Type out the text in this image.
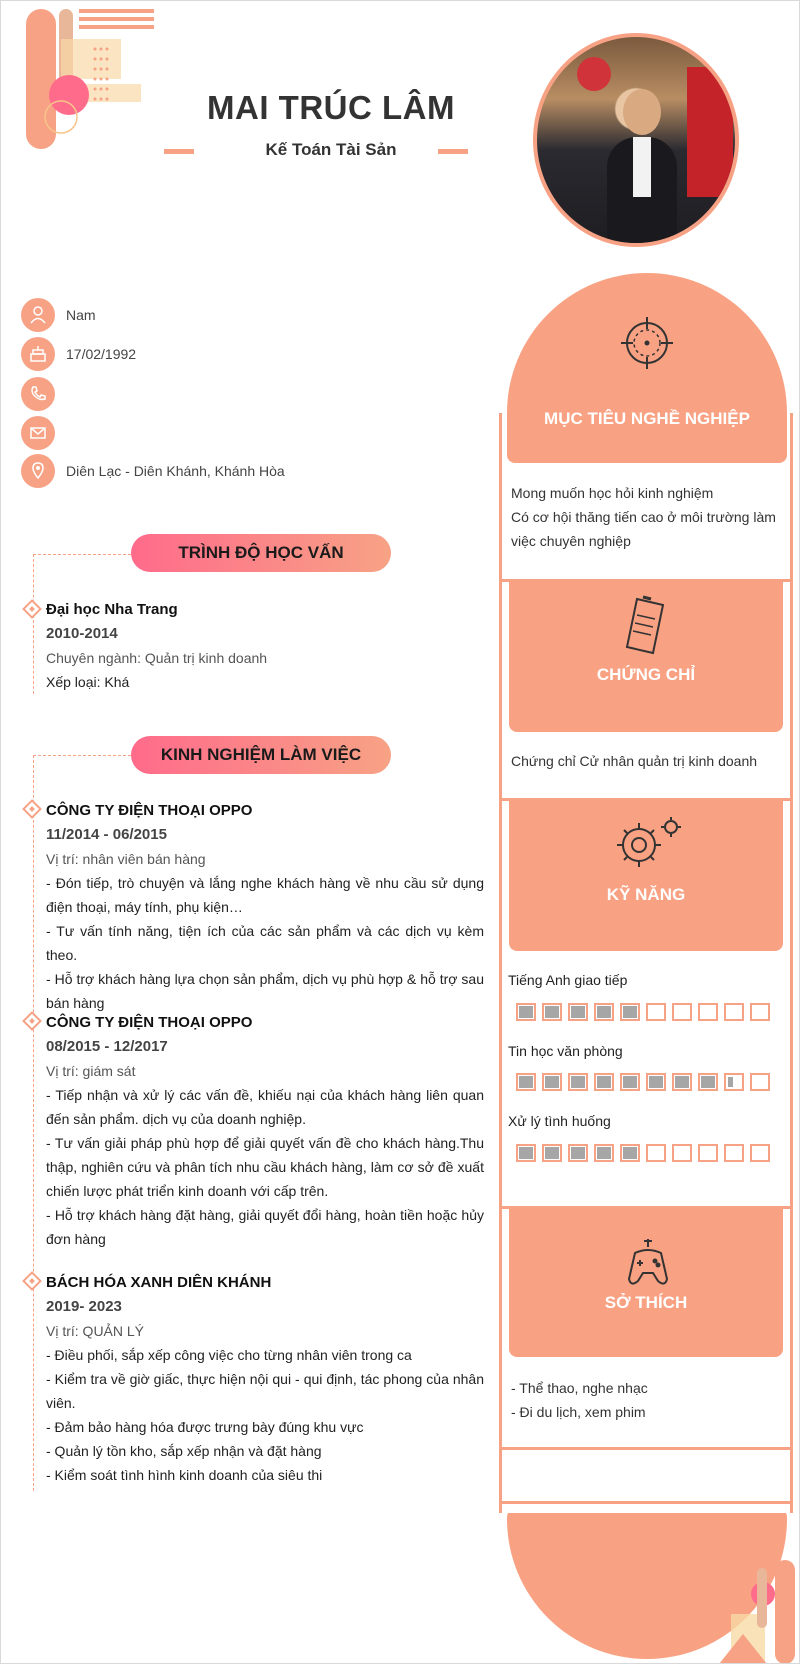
MAI TRÚC LÂM
Kế Toán Tài Sản
Nam
17/02/1992
Diên Lạc - Diên Khánh, Khánh Hòa
TRÌNH ĐỘ HỌC VẤN
Đại học Nha Trang
2010-2014
Chuyên ngành: Quản trị kinh doanh
Xếp loại: Khá
KINH NGHIỆM LÀM VIỆC
CÔNG TY ĐIỆN THOẠI OPPO
11/2014 - 06/2015
Vị trí: nhân viên bán hàng
- Đón tiếp, trò chuyện và lắng nghe khách hàng về nhu cầu sử dụng điện thoại, máy tính, phụ kiện…
- Tư vấn tính năng, tiện ích của các sản phẩm và các dịch vụ kèm theo.
- Hỗ trợ khách hàng lựa chọn sản phẩm, dịch vụ phù hợp & hỗ trợ sau bán hàng
CÔNG TY ĐIỆN THOẠI OPPO
08/2015 - 12/2017
Vị trí: giám sát
- Tiếp nhận và xử lý các vấn đề, khiếu nại của khách hàng liên quan đến sản phẩm. dịch vụ của doanh nghiệp.
- Tư vấn giải pháp phù hợp để giải quyết vấn đề cho khách hàng.Thu thập, nghiên cứu và phân tích nhu cầu khách hàng, làm cơ sở đề xuất chiến lược phát triển kinh doanh với cấp trên.
- Hỗ trợ khách hàng đặt hàng, giải quyết đổi hàng, hoàn tiền hoặc hủy đơn hàng
BÁCH HÓA XANH DIÊN KHÁNH
2019- 2023
Vị trí: QUẢN LÝ
- Điều phối, sắp xếp công việc cho từng nhân viên trong ca
- Kiểm tra về giờ giấc, thực hiện nội qui - qui định, tác phong của nhân viên.
- Đảm bảo hàng hóa được trưng bày đúng khu vực
- Quản lý tồn kho, sắp xếp nhận và đặt hàng
- Kiểm soát tình hình kinh doanh của siêu thi
MỤC TIÊU NGHỀ NGHIỆP
Mong muốn học hỏi kinh nghiệm
Có cơ hội thăng tiến cao ở môi trường làm việc chuyên nghiệp
CHỨNG CHỈ
Chứng chỉ Cử nhân quản trị kinh doanh
KỸ NĂNG
Tiếng Anh giao tiếp
Tin học văn phòng
Xử lý tình huống
SỞ THÍCH
- Thể thao, nghe nhạc
- Đi du lịch, xem phim
